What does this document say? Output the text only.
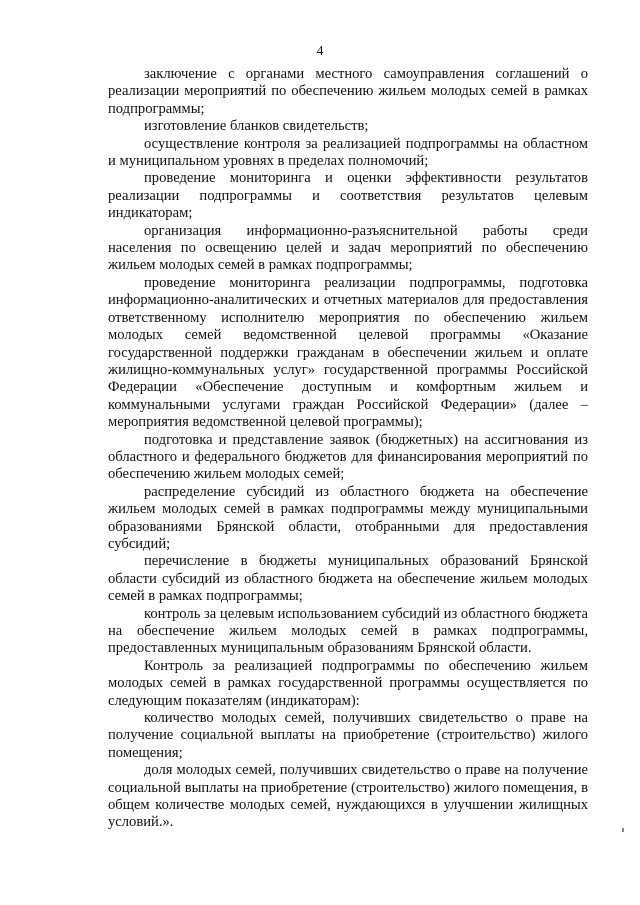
4

заключение с органами местного самоуправления соглашений о реализации мероприятий по обеспечению жильем молодых семей в рамках подпрограммы;

изготовление бланков свидетельств;

осуществление контроля за реализацией подпрограммы на областном и муниципальном уровнях в пределах полномочий;

проведение мониторинга и оценки эффективности результатов реализации подпрограммы и соответствия результатов целевым индикаторам;

организация информационно-разъяснительной работы среди населения по освещению целей и задач мероприятий по обеспечению жильем молодых семей в рамках подпрограммы;

проведение мониторинга реализации подпрограммы, подготовка информационно-аналитических и отчетных материалов для предоставления ответственному исполнителю мероприятия по обеспечению жильем молодых семей ведомственной целевой программы «Оказание государственной поддержки гражданам в обеспечении жильем и оплате жилищно-коммунальных услуг» государственной программы Российской Федерации «Обеспечение доступным и комфортным жильем и коммунальными услугами граждан Российской Федерации» (далее – мероприятия ведомственной целевой программы);

подготовка и представление заявок (бюджетных) на ассигнования из областного и федерального бюджетов для финансирования мероприятий по обеспечению жильем молодых семей;

распределение субсидий из областного бюджета на обеспечение жильем молодых семей в рамках подпрограммы между муниципальными образованиями Брянской области, отобранными для предоставления субсидий;

перечисление в бюджеты муниципальных образований Брянской области субсидий из областного бюджета на обеспечение жильем молодых семей в рамках подпрограммы;

контроль за целевым использованием субсидий из областного бюджета на обеспечение жильем молодых семей в рамках подпрограммы, предоставленных муниципальным образованиям Брянской области.

Контроль за реализацией подпрограммы по обеспечению жильем молодых семей в рамках государственной программы осуществляется по следующим показателям (индикаторам):

количество молодых семей, получивших свидетельство о праве на получение социальной выплаты на приобретение (строительство) жилого помещения;

доля молодых семей, получивших свидетельство о праве на получение социальной выплаты на приобретение (строительство) жилого помещения, в общем количестве молодых семей, нуждающихся в улучшении жилищных условий.».
